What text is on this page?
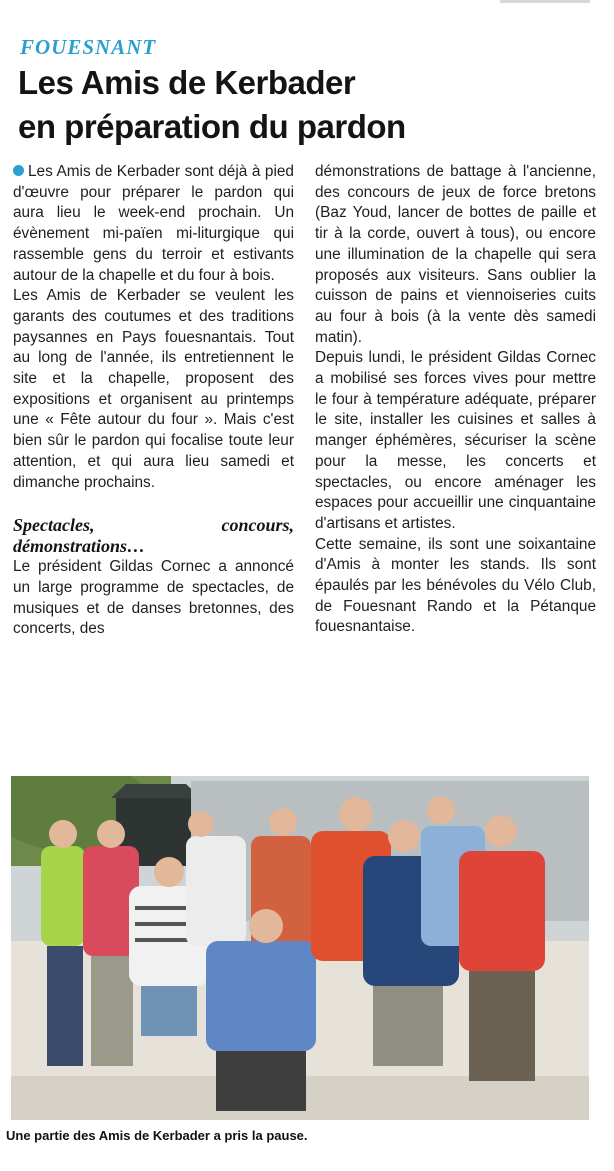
FOUESNANT
Les Amis de Kerbader
en préparation du pardon

Les Amis de Kerbader sont déjà à pied d'œuvre pour préparer le pardon qui aura lieu le week-end prochain. Un évènement mi-païen mi-liturgique qui rassemble gens du terroir et estivants autour de la chapelle et du four à bois.

Les Amis de Kerbader se veulent les garants des coutumes et des traditions paysannes en Pays fouesnantais. Tout au long de l'année, ils entretiennent le site et la chapelle, proposent des expositions et organisent au printemps une « Fête autour du four ». Mais c'est bien sûr le pardon qui focalise toute leur attention, et qui aura lieu samedi et dimanche prochains.

Spectacles, concours, démonstrations…

Le président Gildas Cornec a annoncé un large programme de spectacles, de musiques et de danses bretonnes, des concerts, des

démonstrations de battage à l'ancienne, des concours de jeux de force bretons (Baz Youd, lancer de bottes de paille et tir à la corde, ouvert à tous), ou encore une illumination de la chapelle qui sera proposés aux visiteurs. Sans oublier la cuisson de pains et viennoiseries cuits au four à bois (à la vente dès samedi matin).

Depuis lundi, le président Gildas Cornec a mobilisé ses forces vives pour mettre le four à température adéquate, préparer le site, installer les cuisines et salles à manger éphémères, sécuriser la scène pour la messe, les concerts et spectacles, ou encore aménager les espaces pour accueillir une cinquantaine d'artisans et artistes.

Cette semaine, ils sont une soixantaine d'Amis à monter les stands. Ils sont épaulés par les bénévoles du Vélo Club, de Fouesnant Rando et la Pétanque fouesnantaise.

Une partie des Amis de Kerbader a pris la pause.
